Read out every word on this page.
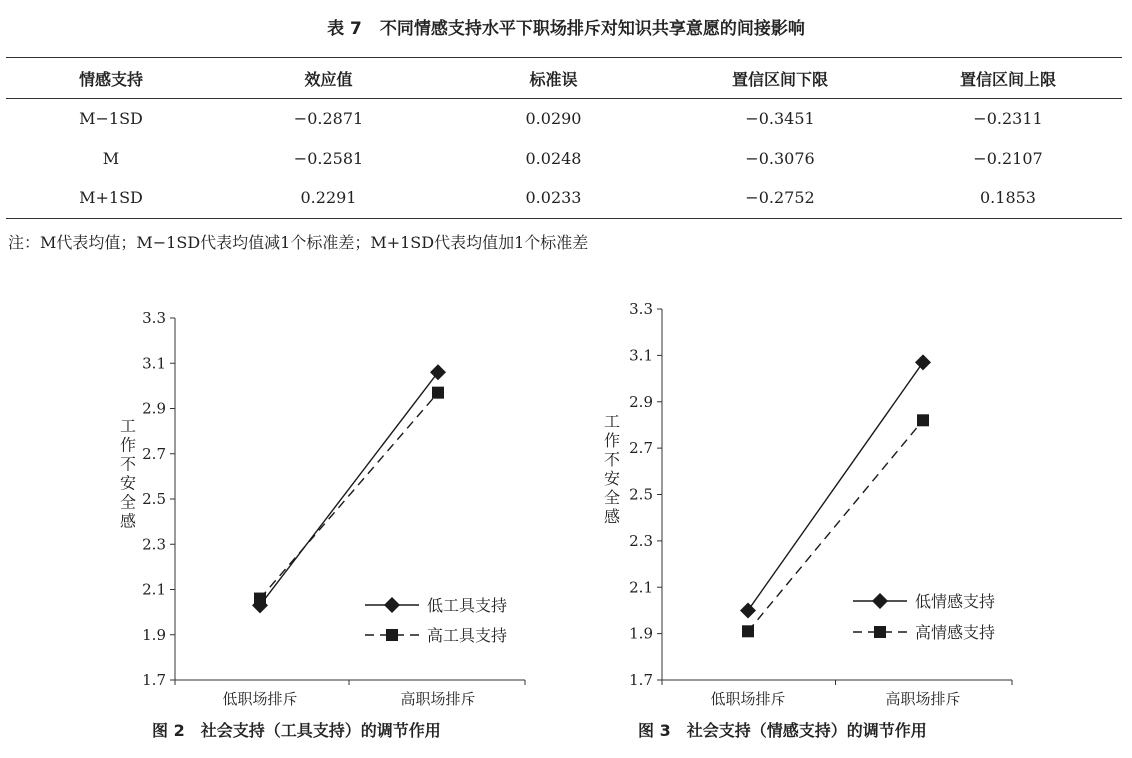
表 7 不同情感支持水平下职场排斥对知识共享意愿的间接影响
情感支持	效应值	标准误	置信区间下限	置信区间上限
M−1SD	−0.2871	0.0290	−0.3451	−0.2311
M	−0.2581	0.0248	−0.3076	−0.2107
M+1SD	0.2291	0.0233	−0.2752	0.1853
注：M代表均值；M−1SD代表均值减1个标准差；M+1SD代表均值加1个标准差
1.7
1.9
2.1
2.3
2.5
2.7
2.9
3.1
3.3
低职场排斥	高职场排斥
工作不安全感
低工具支持
高工具支持
1.7
1.9
2.1
2.3
2.5
2.7
2.9
3.1
3.3
低职场排斥	高职场排斥
工作不安全感
低情感支持
高情感支持
图 2　社会支持（工具支持）的调节作用	图 3　社会支持（情感支持）的调节作用
